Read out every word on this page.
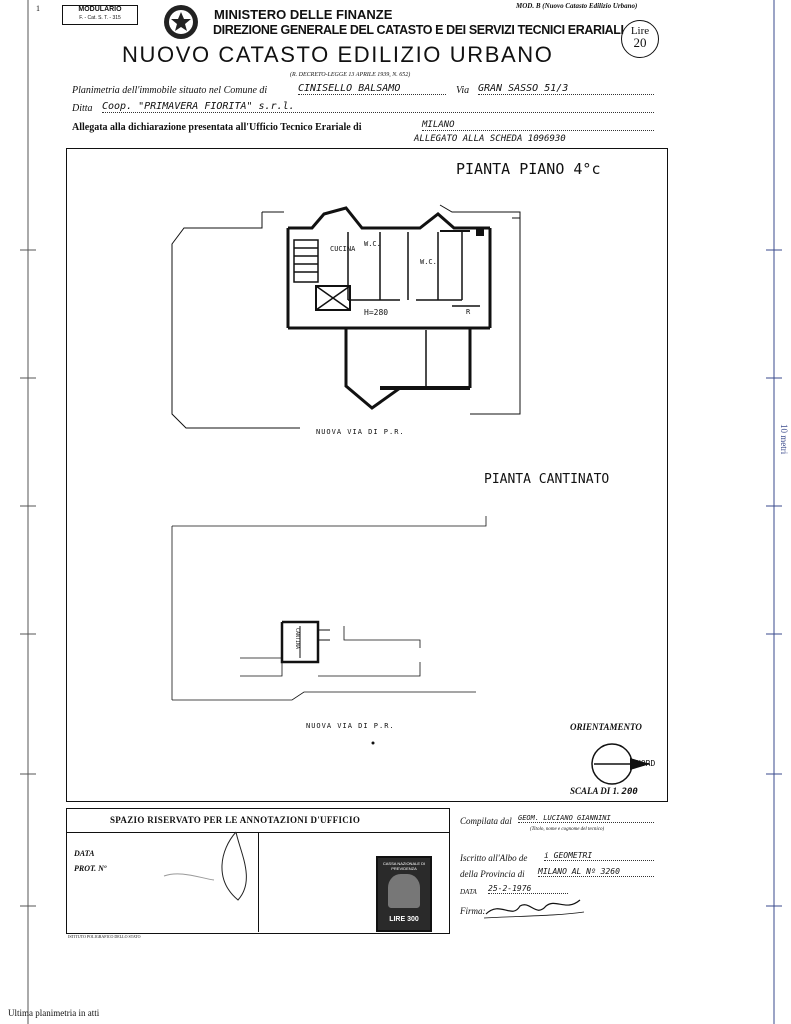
1	MODULARIO
F. - Cat. S. T. - 315	MINISTERO DELLE FINANZE
DIREZIONE GENERALE DEL CATASTO E DEI SERVIZI TECNICI ERARIALI
NUOVO CATASTO EDILIZIO URBANO
(R. DECRETO-LEGGE 13 APRILE 1939, N. 652)
MOD. B (Nuovo Catasto Edilizio Urbano)
Lire
20
Planimetria dell'immobile situato nel Comune di	CINISELLO BALSAMO	Via GRAN SASSO 51/3
Ditta Coop. "PRIMAVERA FIORITA" s.r.l.
Allegata alla dichiarazione presentata all'Ufficio Tecnico Erariale di	MILANO
ALLEGATO ALLA SCHEDA 1096930
PIANTA PIANO 4°c
CUCINA
W.C.
W.C.
H=280	R
NUOVA VIA DI P.R.
PIANTA CANTINATO
CANTINA
NUOVA VIA DI P.R.	ORIENTAMENTO
NORD
SCALA DI 1. 200
SPAZIO RISERVATO PER LE ANNOTAZIONI D'UFFICIO
DATA
PROT. Nº
CASSA NAZIONALE DI PREVIDENZA
LIRE 300
Compilata dal GEOM. LUCIANO GIANNINI
(Titolo, nome e cognome del tecnico)
Iscritto all'Albo de i GEOMETRI
della Provincia di MILANO AL Nº 3260
DATA 25-2-1976
Firma:
ISTITUTO POLIGRAFICO DELLO STATO
10 metri
Ultima planimetria in atti
